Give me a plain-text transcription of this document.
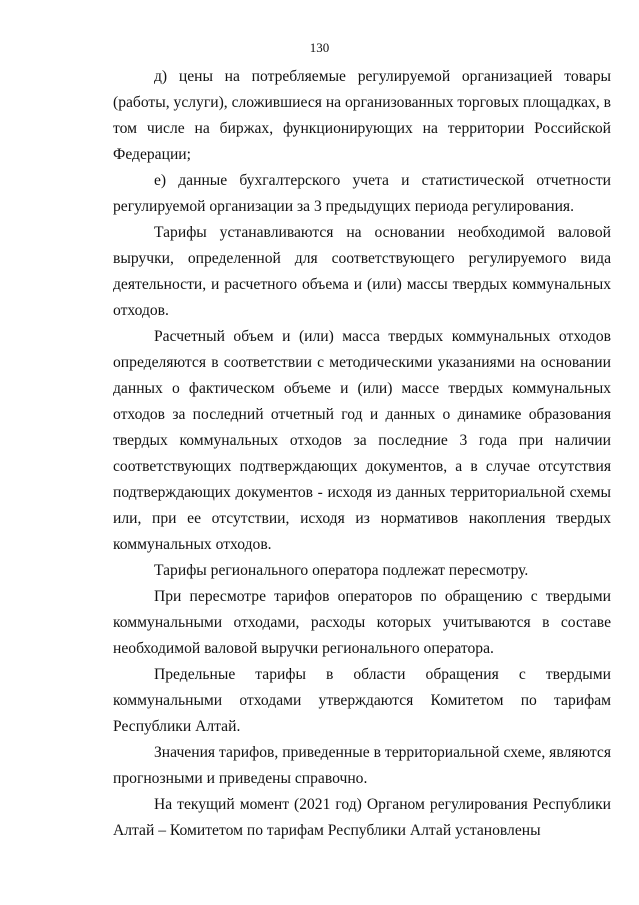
130

д) цены на потребляемые регулируемой организацией товары (работы, услуги), сложившиеся на организованных торговых площадках, в том числе на биржах, функционирующих на территории Российской Федерации;

е) данные бухгалтерского учета и статистической отчетности регулируемой организации за 3 предыдущих периода регулирования.

Тарифы устанавливаются на основании необходимой валовой выручки, определенной для соответствующего регулируемого вида деятельности, и расчетного объема и (или) массы твердых коммунальных отходов.

Расчетный объем и (или) масса твердых коммунальных отходов определяются в соответствии с методическими указаниями на основании данных о фактическом объеме и (или) массе твердых коммунальных отходов за последний отчетный год и данных о динамике образования твердых коммунальных отходов за последние 3 года при наличии соответствующих подтверждающих документов, а в случае отсутствия подтверждающих документов - исходя из данных территориальной схемы или, при ее отсутствии, исходя из нормативов накопления твердых коммунальных отходов.

Тарифы регионального оператора подлежат пересмотру.

При пересмотре тарифов операторов по обращению с твердыми коммунальными отходами, расходы которых учитываются в составе необходимой валовой выручки регионального оператора.

Предельные тарифы в области обращения с твердыми коммунальными отходами утверждаются Комитетом по тарифам Республики Алтай.

Значения тарифов, приведенные в территориальной схеме, являются прогнозными и приведены справочно.

На текущий момент (2021 год) Органом регулирования Республики Алтай – Комитетом по тарифам Республики Алтай установлены
